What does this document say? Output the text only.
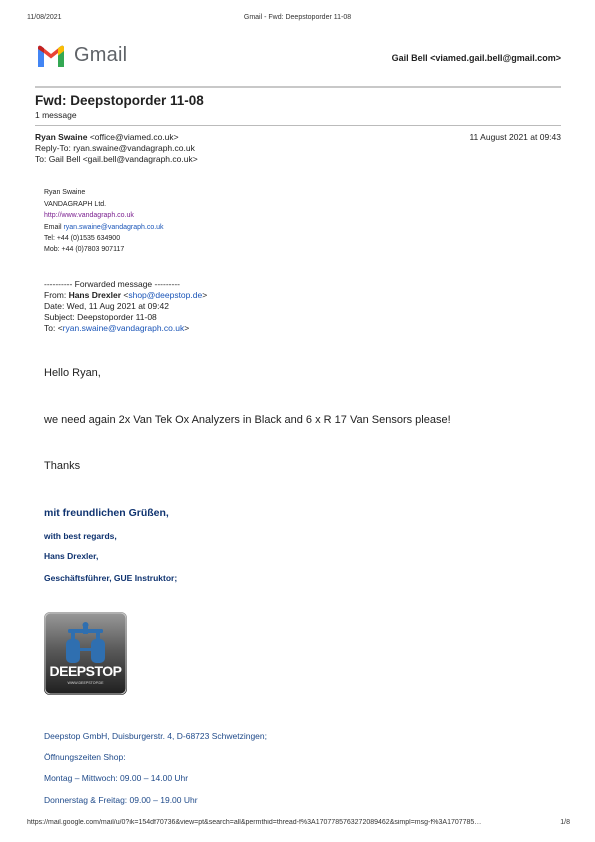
11/08/2021	Gmail - Fwd: Deepstoporder 11-08
Gmail	Gail Bell <viamed.gail.bell@gmail.com>
Fwd: Deepstoporder 11-08
1 message
Ryan Swaine <office@viamed.co.uk>	11 August 2021 at 09:43
Reply-To: ryan.swaine@vandagraph.co.uk
To: Gail Bell <gail.bell@vandagraph.co.uk>
Ryan Swaine
VANDAGRAPH Ltd.
http://www.vandagraph.co.uk
Email ryan.swaine@vandagraph.co.uk
Tel: +44 (0)1535 634900
Mob: +44 (0)7803 907117
---------- Forwarded message ---------
From: Hans Drexler <shop@deepstop.de>
Date: Wed, 11 Aug 2021 at 09:42
Subject: Deepstoporder 11-08
To: <ryan.swaine@vandagraph.co.uk>
Hello Ryan,
we need again 2x Van Tek Ox Analyzers in Black and 6 x R 17 Van Sensors please!
Thanks
mit freundlichen Grüßen,
with best regards,
Hans Drexler,
Geschäftsführer, GUE Instruktor;
DEEPSTOP
WWW.DEEPSTOP.DE
Deepstop GmbH, Duisburgerstr. 4, D-68723 Schwetzingen;
Öffnungszeiten Shop:
Montag – Mittwoch: 09.00 – 14.00 Uhr
Donnerstag & Freitag: 09.00 – 19.00 Uhr
https://mail.google.com/mail/u/0?ik=154df70736&view=pt&search=all&permthid=thread-f%3A1707785763272089462&simpl=msg-f%3A1707785…	1/8
